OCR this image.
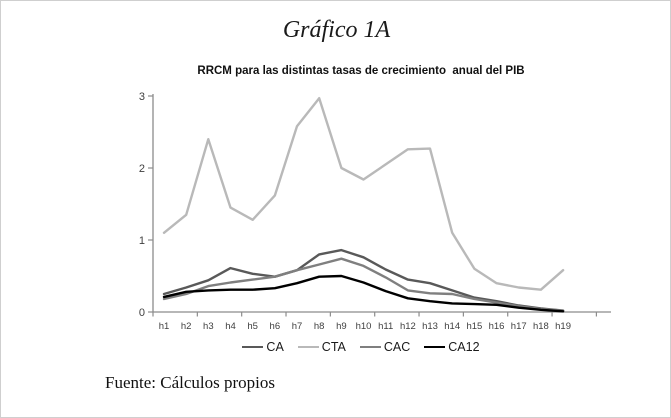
Gráfico 1A
RRCM para las distintas tasas de crecimiento  anual del PIB
0
1
2
3
h1 h2 h3 h4 h5 h6 h7 h8 h9 h10 h11 h12 h13 h14 h15 h16 h17 h18 h19
CA	CTA	CAC	CA12
Fuente: Cálculos propios
